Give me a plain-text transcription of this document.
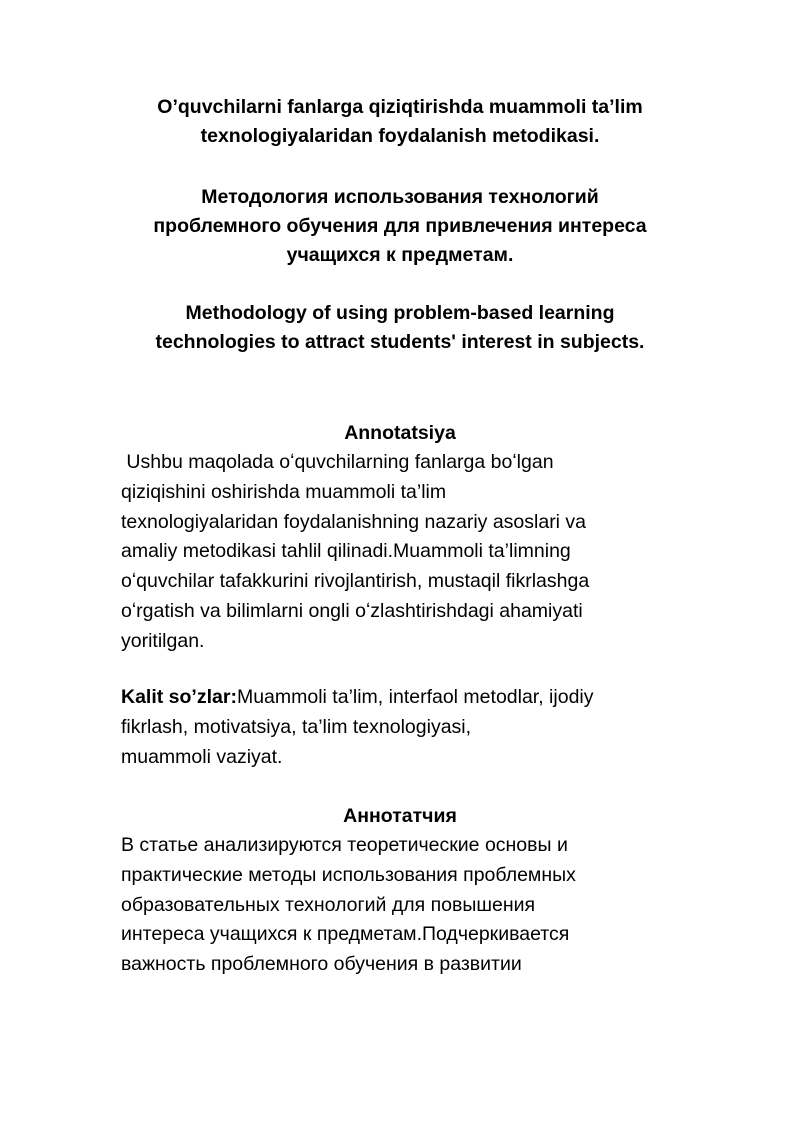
O’quvchilarni fanlarga qiziqtirishda muammoli ta’lim
texnologiyalaridan foydalanish metodikasi.
Методология использования технологий
проблемного обучения для привлечения интереса
учащихся к предметам.
Methodology of using problem-based learning
technologies to attract students' interest in subjects.
Annotatsiya
Ushbu maqolada oʻquvchilarning fanlarga boʻlgan
qiziqishini oshirishda muammoli ta’lim
texnologiyalaridan foydalanishning nazariy asoslari va
amaliy metodikasi tahlil qilinadi.Muammoli ta’limning
oʻquvchilar tafakkurini rivojlantirish, mustaqil fikrlashga
oʻrgatish va bilimlarni ongli oʻzlashtirishdagi ahamiyati
yoritilgan.
Kalit so’zlar:Muammoli ta’lim, interfaol metodlar, ijodiy
fikrlash, motivatsiya, ta’lim texnologiyasi,
muammoli vaziyat.
Аннотатчия
В статье анализируются теоретические основы и
практические методы использования проблемных
образовательных технологий для повышения
интереса учащихся к предметам.Подчеркивается
важность проблемного обучения в развитии
